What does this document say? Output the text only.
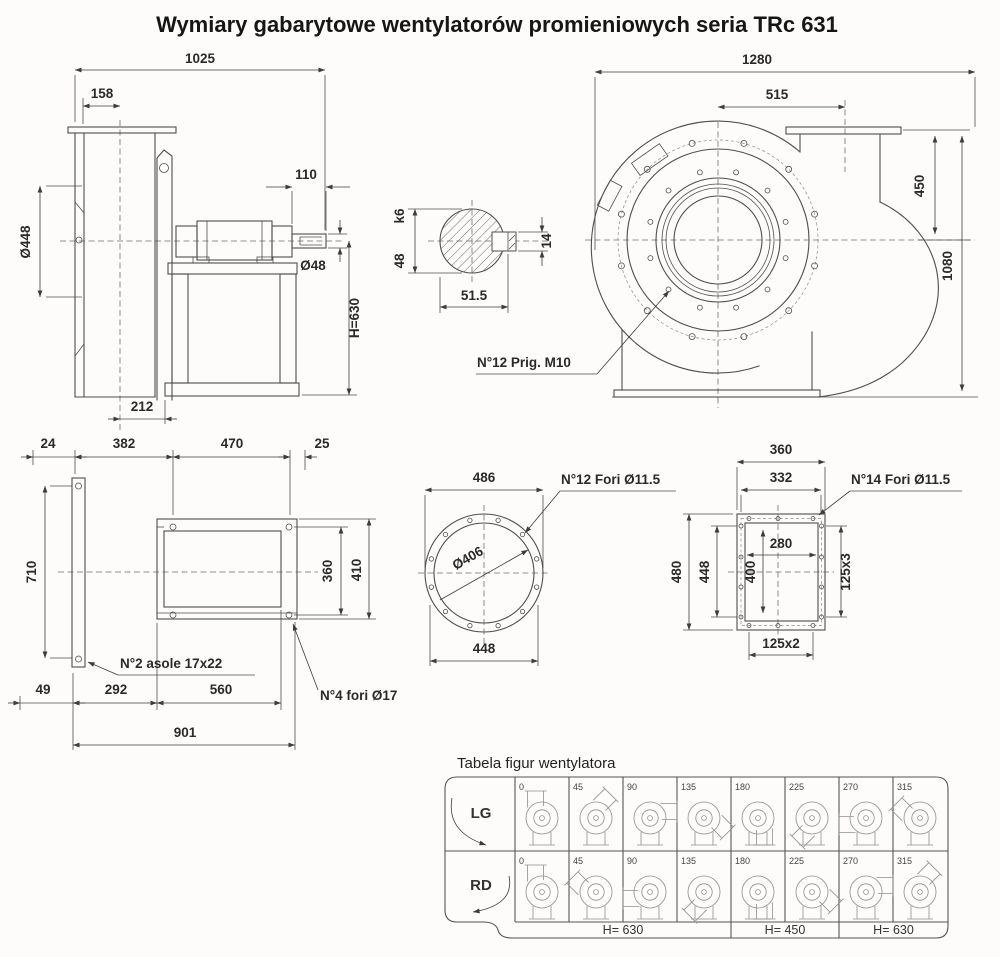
Wymiary gabarytowe wentylatorów promieniowych seria TRc 631
1025
158
110
Ø448
Ø48
H=630
212
48
k6
14
51.5
1280
515
450
1080
N°12 Prig. M10
24	382	470	25
710	360 410
49	292	560
901
N°2 asole 17x22
N°4 fori Ø17
486
448
Ø406
N°12 Fori Ø11.5
360
332
480 448
280
400	125x3
125x2
N°14 Fori Ø11.5
Tabela figur wentylatora
LG
RD
0	45	90	135	180	225	270	315
0	45	90	135	180	225	270	315
H= 630	H= 450	H= 630
